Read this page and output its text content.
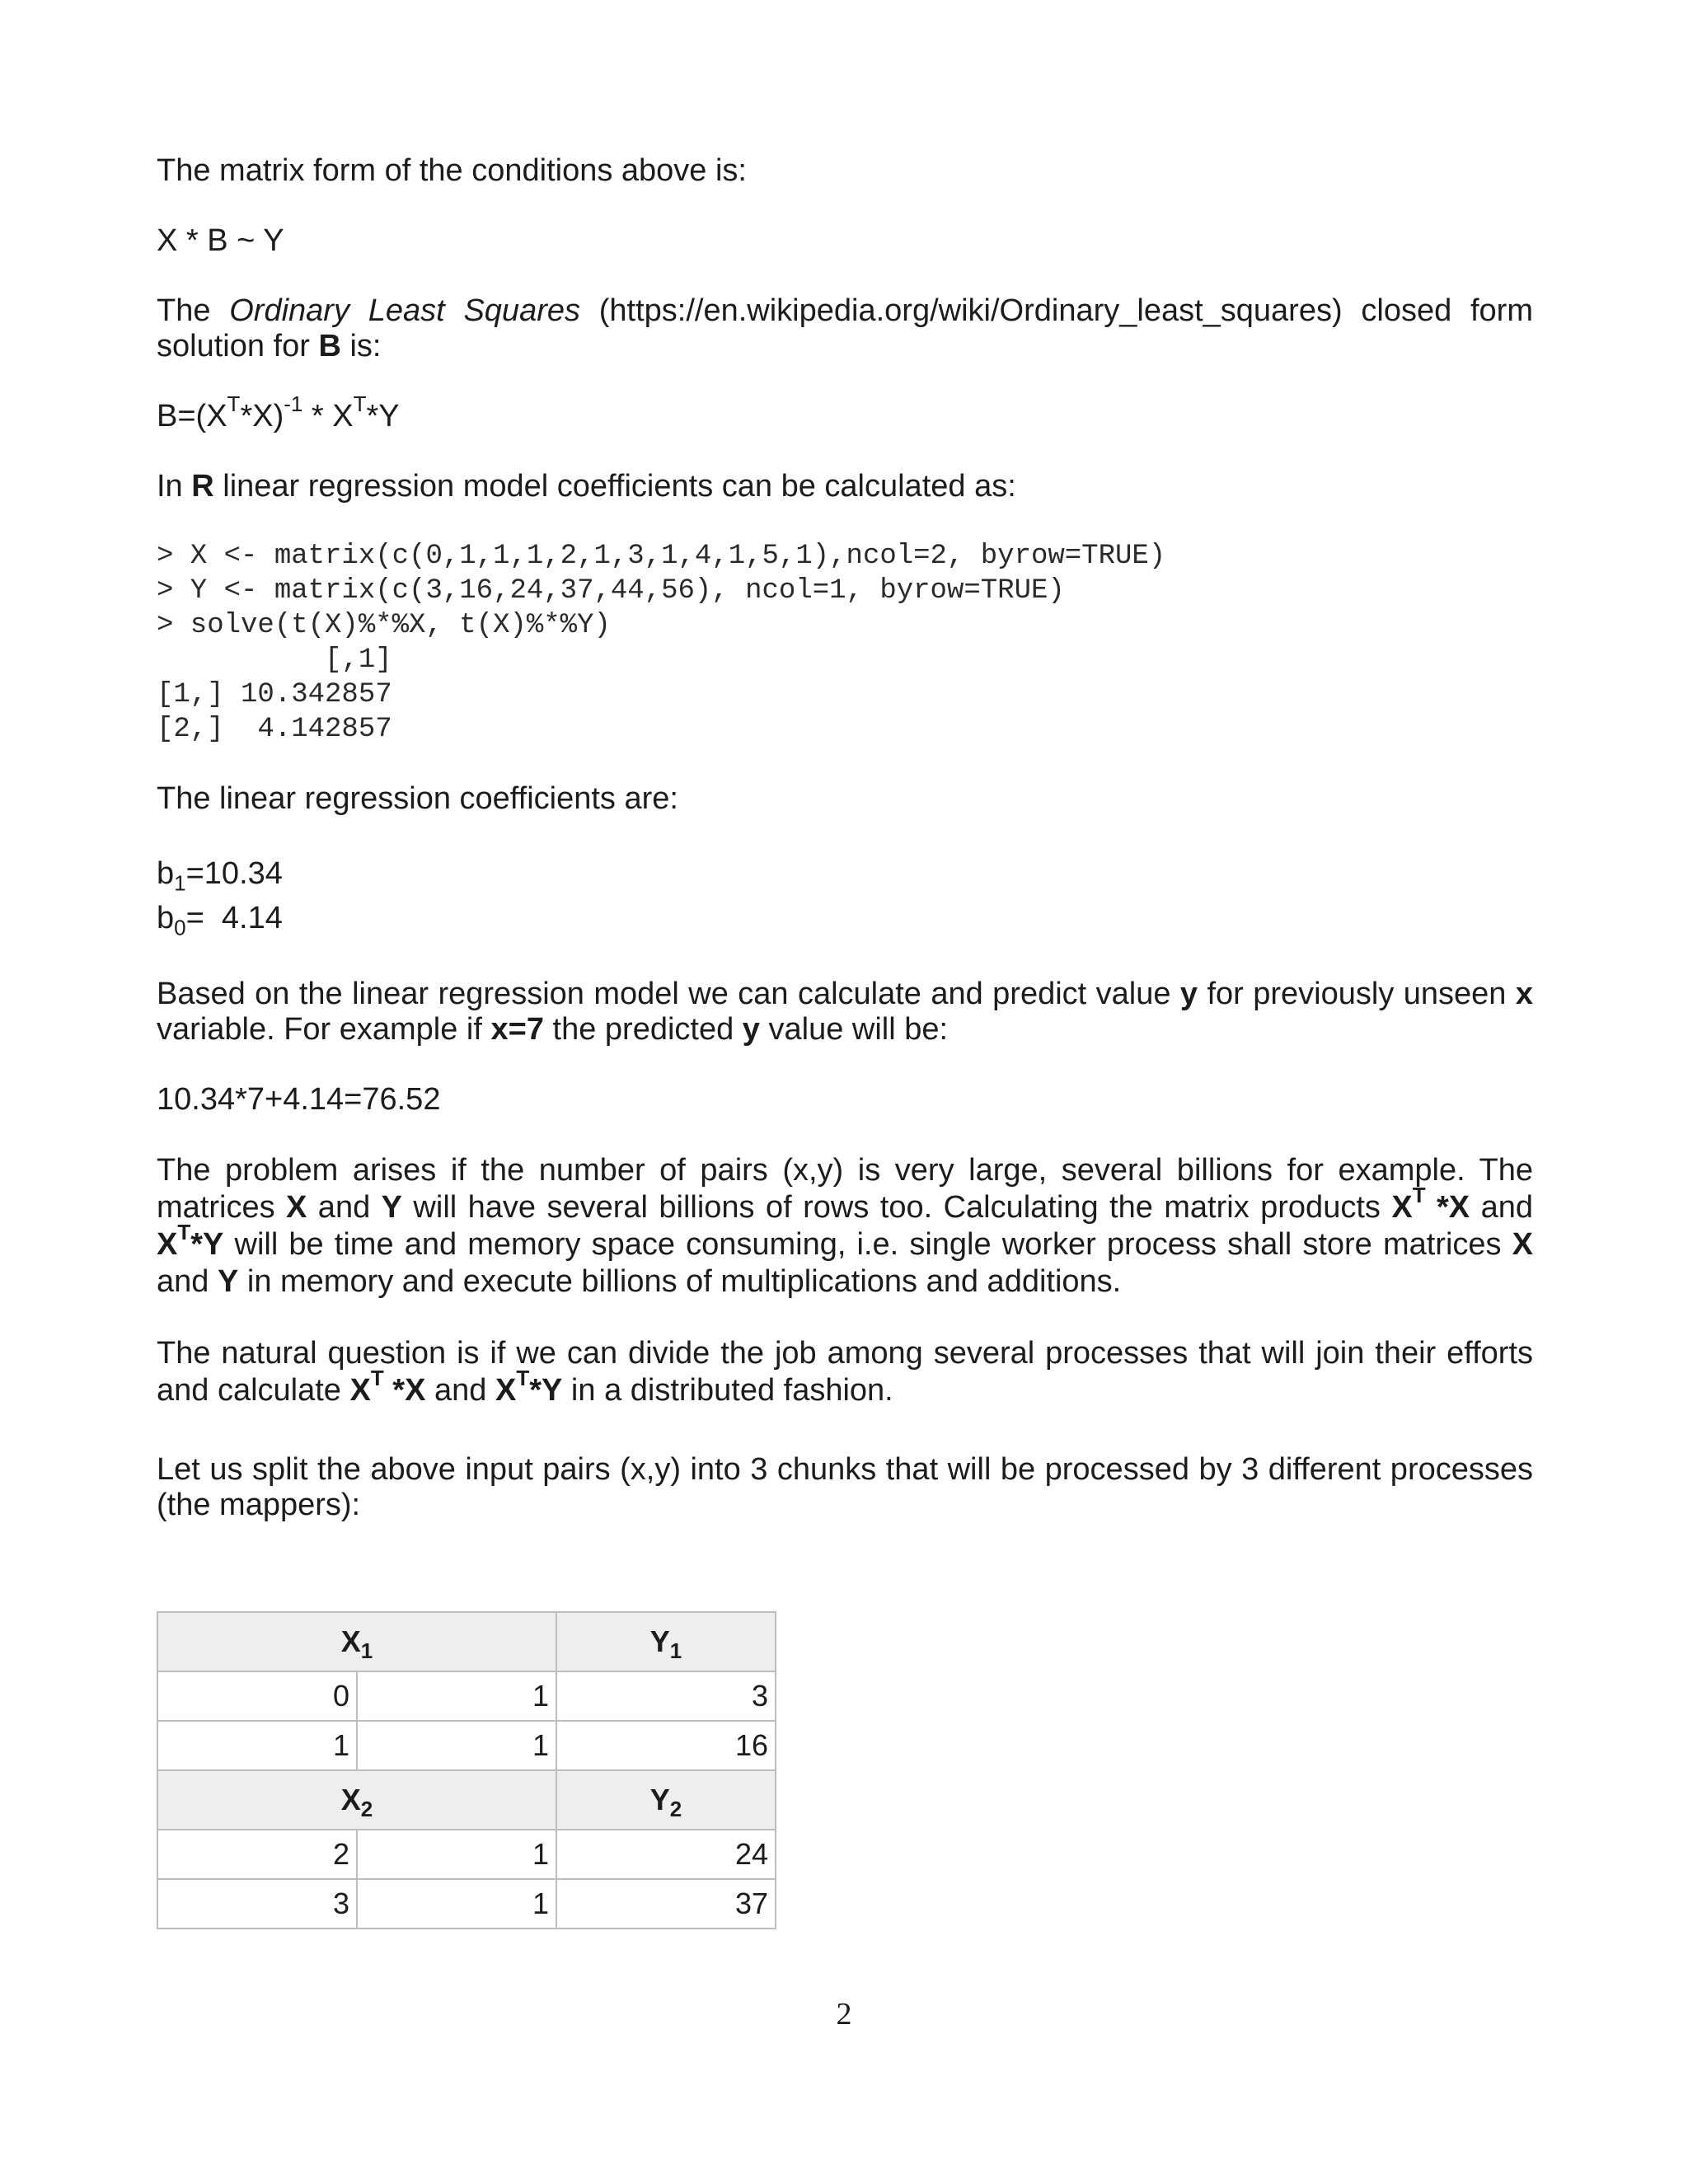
The matrix form of the conditions above is:

X * B ~ Y

The Ordinary Least Squares (https://en.wikipedia.org/wiki/Ordinary_least_squares) closed form solution for B is:

$B=(X^T*X)^{-1} * X^T*Y$

In R linear regression model coefficients can be calculated as:

> X <- matrix(c(0,1,1,1,2,1,3,1,4,1,5,1),ncol=2, byrow=TRUE)
> Y <- matrix(c(3,16,24,37,44,56), ncol=1, byrow=TRUE)
> solve(t(X)%*%X, t(X)%*%Y)
[,1]
[1,] 10.342857
[2,]  4.142857

The linear regression coefficients are:

$b_1=10.34$
$b_0= 4.14$

Based on the linear regression model we can calculate and predict value y for previously unseen x variable. For example if x=7 the predicted y value will be:

10.34*7+4.14=76.52

The problem arises if the number of pairs (x,y) is very large, several billions for example. The matrices X and Y will have several billions of rows too. Calculating the matrix products $X^T$ *X and $X^T*Y$ will be time and memory space consuming, i.e. single worker process shall store matrices X and Y in memory and execute billions of multiplications and additions.

The natural question is if we can divide the job among several processes that will join their efforts and calculate $X^T$ *X and $X^T*Y$ in a distributed fashion.

Let us split the above input pairs (x,y) into 3 chunks that will be processed by 3 different processes (the mappers):

$X_1$		$Y_1$
0	1	3
1	1	16
$X_2$		$Y_2$
2	1	24
3	1	37
2
